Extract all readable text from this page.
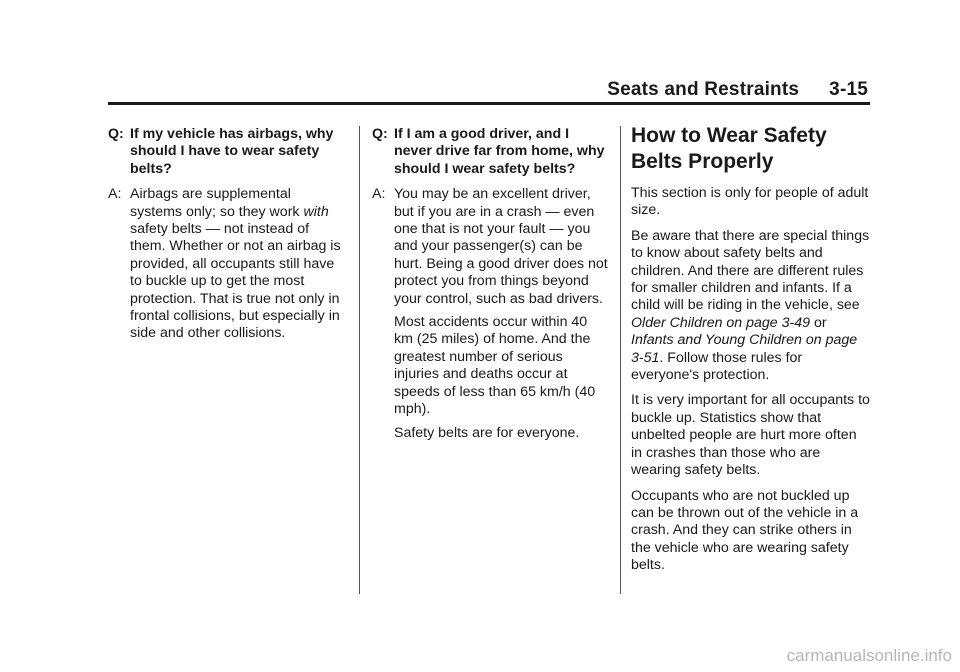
Seats and Restraints 3-15
Q: If my vehicle has airbags, why should I have to wear safety belts?
A: Airbags are supplemental systems only; so they work with safety belts — not instead of them. Whether or not an airbag is provided, all occupants still have to buckle up to get the most protection. That is true not only in frontal collisions, but especially in side and other collisions.
Q: If I am a good driver, and I never drive far from home, why should I wear safety belts?
A: You may be an excellent driver, but if you are in a crash — even one that is not your fault — you and your passenger(s) can be hurt. Being a good driver does not protect you from things beyond your control, such as bad drivers.
Most accidents occur within 40 km (25 miles) of home. And the greatest number of serious injuries and deaths occur at speeds of less than 65 km/h (40 mph).
Safety belts are for everyone.
How to Wear Safety Belts Properly
This section is only for people of adult size.
Be aware that there are special things to know about safety belts and children. And there are different rules for smaller children and infants. If a child will be riding in the vehicle, see Older Children on page 3-49 or Infants and Young Children on page 3-51. Follow those rules for everyone's protection.
It is very important for all occupants to buckle up. Statistics show that unbelted people are hurt more often in crashes than those who are wearing safety belts.
Occupants who are not buckled up can be thrown out of the vehicle in a crash. And they can strike others in the vehicle who are wearing safety belts.
carmanualsonline.info
